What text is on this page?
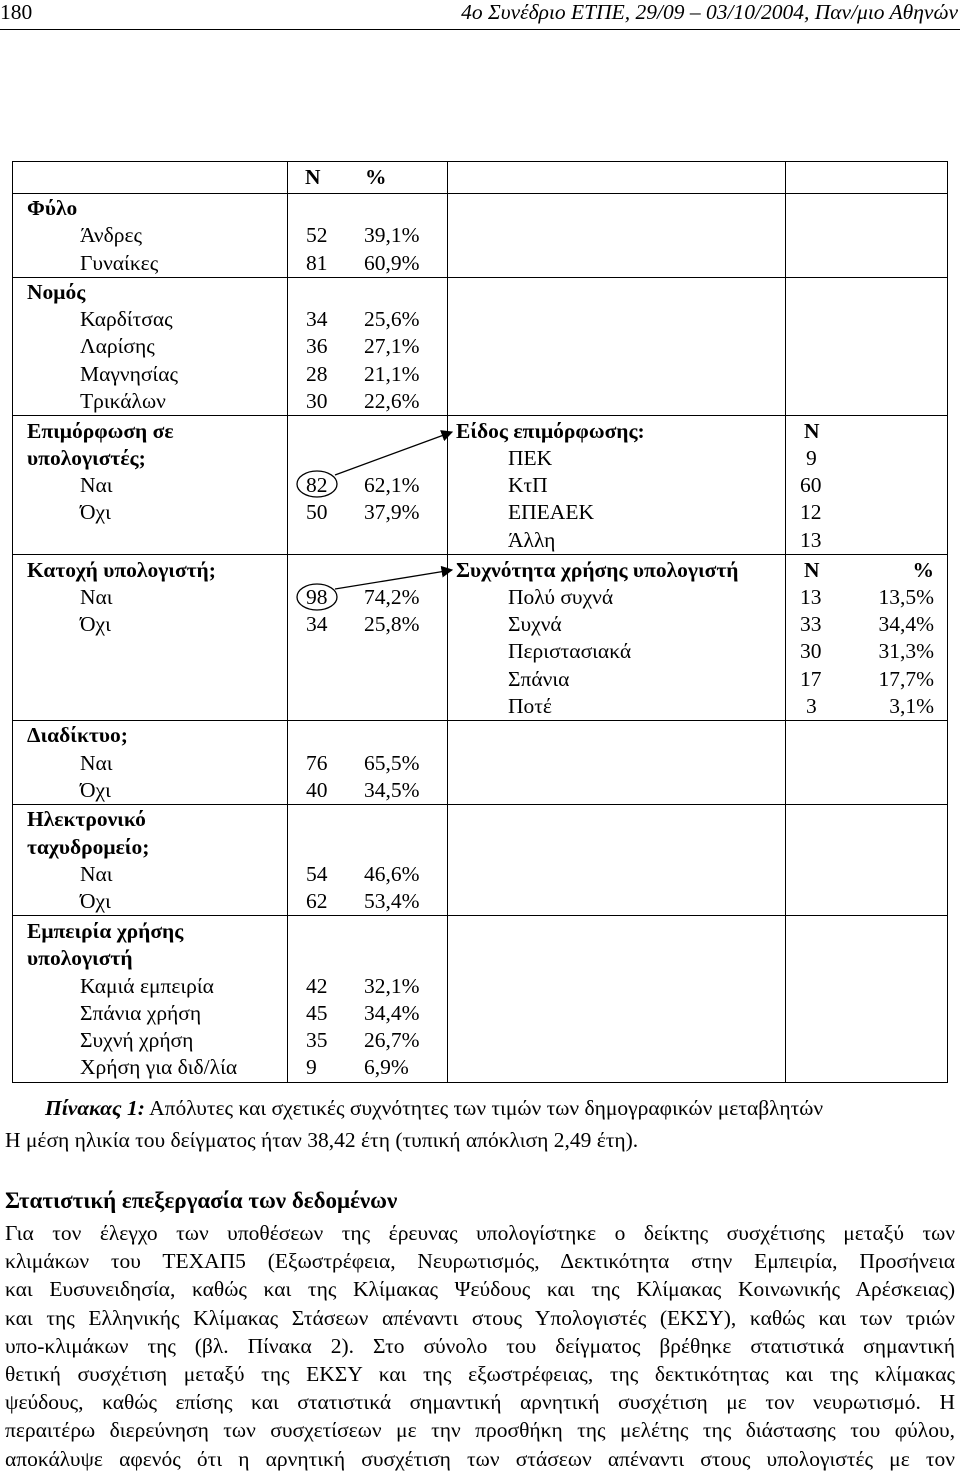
180	4ο Συνέδριο ΕΤΠΕ, 29/09 – 03/10/2004, Παν/μιο Αθηνών
N %
Φύλο
Άνδρες	52 39,1%
Γυναίκες	81 60,9%
Νομός
Καρδίτσας	34 25,6%
Λαρίσης	36 27,1%
Μαγνησίας	28 21,1%
Τρικάλων	30 22,6%
Επιμόρφωση σε
υπολογιστές;
Ναι	82 62,1%
Όχι	50 37,9%
Είδος επιμόρφωσης:	N
ΠΕΚ	9
ΚτΠ	60
ΕΠΕΑΕΚ	12
Άλλη	13
Κατοχή υπολογιστή;
Ναι	98 74,2%
Όχι	34 25,8%
Συχνότητα χρήσης υπολογιστή	N	%
Πολύ συχνά	13	13,5%
Συχνά	33	34,4%
Περιστασιακά	30	31,3%
Σπάνια	17	17,7%
Ποτέ	3	3,1%
Διαδίκτυο;
Ναι	76 65,5%
Όχι	40 34,5%
Ηλεκτρονικό
ταχυδρομείο;
Ναι	54 46,6%
Όχι	62 53,4%
Εμπειρία χρήσης
υπολογιστή
Καμιά εμπειρία	42 32,1%
Σπάνια χρήση	45 34,4%
Συχνή χρήση	35 26,7%
Χρήση για διδ/λία	9 6,9%
Πίνακας 1: Απόλυτες και σχετικές συχνότητες των τιμών των δημογραφικών μεταβλητών
Η μέση ηλικία του δείγματος ήταν 38,42 έτη (τυπική απόκλιση 2,49 έτη).
Στατιστική επεξεργασία των δεδομένων
Για τον έλεγχο των υποθέσεων της έρευνας υπολογίστηκε ο δείκτης συσχέτισης μεταξύ των
κλιμάκων του ΤΕΧΑΠ5 (Εξωστρέφεια, Νευρωτισμός, Δεκτικότητα στην Εμπειρία, Προσήνεια
και Ευσυνειδησία, καθώς και της Κλίμακας Ψεύδους και της Κλίμακας Κοινωνικής Αρέσκειας)
και της Ελληνικής Κλίμακας Στάσεων απέναντι στους Υπολογιστές (ΕΚΣΥ), καθώς και των τριών
υπο-κλιμάκων της (βλ. Πίνακα 2). Στο σύνολο του δείγματος βρέθηκε στατιστικά σημαντική
θετική συσχέτιση μεταξύ της ΕΚΣΥ και της εξωστρέφειας, της δεκτικότητας και της κλίμακας
ψεύδους, καθώς επίσης και στατιστικά σημαντική αρνητική συσχέτιση με τον νευρωτισμό. Η
περαιτέρω διερεύνηση των συσχετίσεων με την προσθήκη της μελέτης της διάστασης του φύλου,
αποκάλυψε αφενός ότι η αρνητική συσχέτιση των στάσεων απέναντι στους υπολογιστές με τον
